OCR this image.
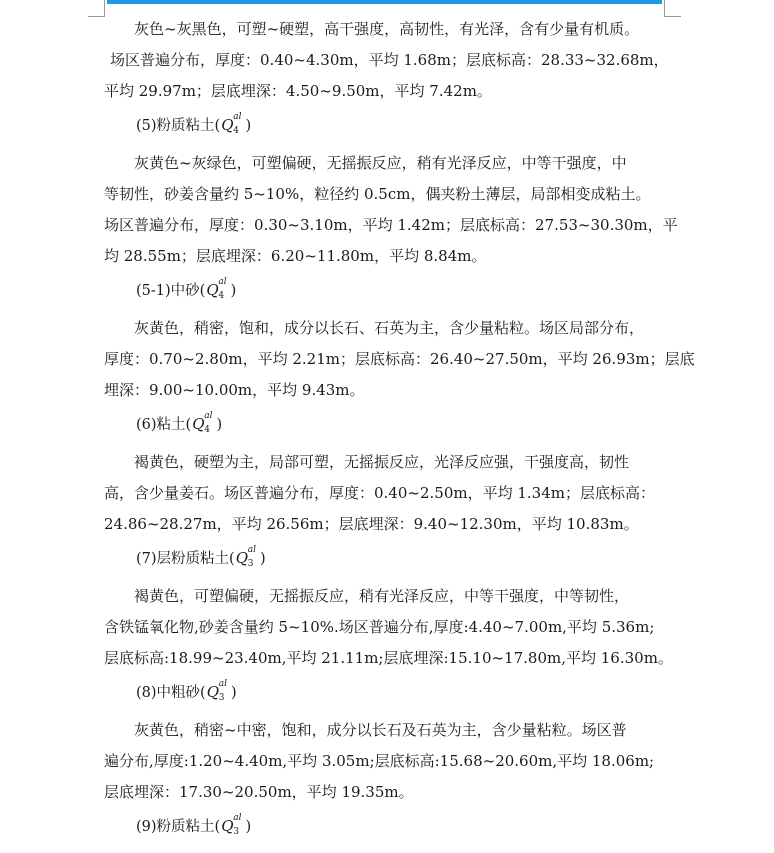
灰色~灰黑色，可塑~硬塑，高干强度，高韧性，有光泽，含有少量有机质。
场区普遍分布，厚度：0.40~4.30m，平均 1.68m；层底标高：28.33~32.68m，
平均 29.97m；层底埋深：4.50~9.50m，平均 7.42m。
(5)粉质粘土(Q al
4 )
灰黄色~灰绿色，可塑偏硬，无摇振反应，稍有光泽反应，中等干强度，中
等韧性，砂姜含量约 5~10%，粒径约 0.5cm，偶夹粉土薄层，局部相变成粘土。
场区普遍分布，厚度：0.30~3.10m，平均 1.42m；层底标高：27.53~30.30m，平
均 28.55m；层底埋深：6.20~11.80m，平均 8.84m。
(5-1)中砂(Q al
4 )
灰黄色，稍密，饱和，成分以长石、石英为主，含少量粘粒。场区局部分布，
厚度：0.70~2.80m，平均 2.21m；层底标高：26.40~27.50m，平均 26.93m；层底
埋深：9.00~10.00m，平均 9.43m。
(6)粘土(Q al
4 )
褐黄色，硬塑为主，局部可塑，无摇振反应，光泽反应强，干强度高，韧性
高，含少量姜石。场区普遍分布，厚度：0.40~2.50m，平均 1.34m；层底标高：
24.86~28.27m，平均 26.56m；层底埋深：9.40~12.30m，平均 10.83m。
(7)层粉质粘土(Q al
3 )
褐黄色，可塑偏硬，无摇振反应，稍有光泽反应，中等干强度，中等韧性，
含铁锰氧化物,砂姜含量约 5~10%.场区普遍分布,厚度:4.40~7.00m,平均 5.36m;
层底标高:18.99~23.40m,平均 21.11m;层底埋深:15.10~17.80m,平均 16.30m。
(8)中粗砂(Q al
3 )
灰黄色，稍密~中密，饱和，成分以长石及石英为主，含少量粘粒。场区普
遍分布,厚度:1.20~4.40m,平均 3.05m;层底标高:15.68~20.60m,平均 18.06m;
层底埋深：17.30~20.50m，平均 19.35m。
(9)粉质粘土(Q al
3 )
